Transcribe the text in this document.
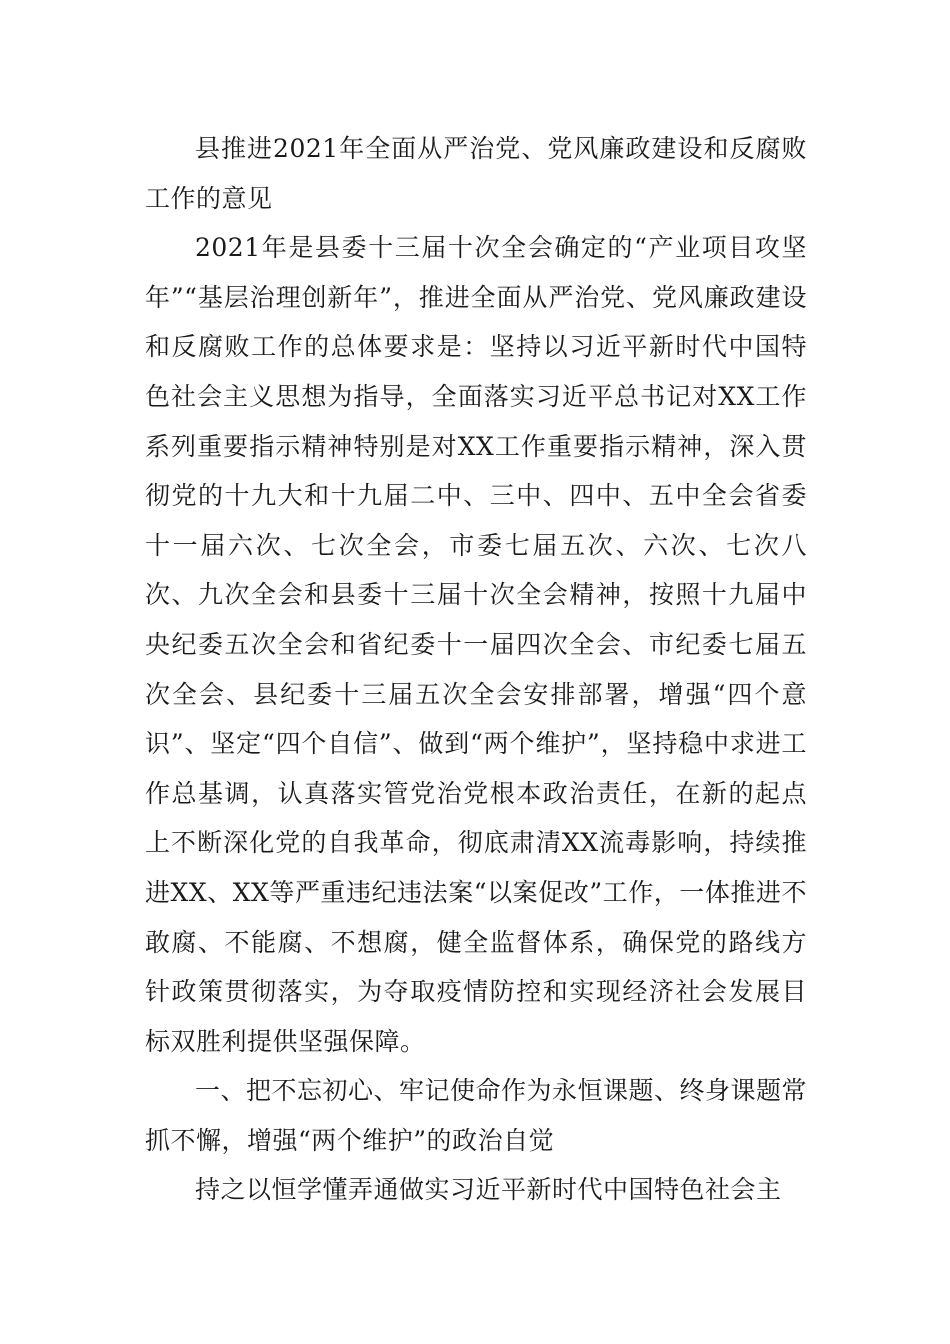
县推进2021年全面从严治党、党风廉政建设和反腐败工作的意见

2021年是县委十三届十次全会确定的“产业项目攻坚年”“基层治理创新年”，推进全面从严治党、党风廉政建设和反腐败工作的总体要求是：坚持以习近平新时代中国特色社会主义思想为指导，全面落实习近平总书记对XX工作系列重要指示精神特别是对XX工作重要指示精神，深入贯彻党的十九大和十九届二中、三中、四中、五中全会省委十一届六次、七次全会，市委七届五次、六次、七次八次、九次全会和县委十三届十次全会精神，按照十九届中央纪委五次全会和省纪委十一届四次全会、市纪委七届五次全会、县纪委十三届五次全会安排部署，增强“四个意识”、坚定“四个自信”、做到“两个维护”，坚持稳中求进工作总基调，认真落实管党治党根本政治责任，在新的起点上不断深化党的自我革命，彻底肃清XX流毒影响，持续推进XX、XX等严重违纪违法案“以案促改”工作，一体推进不敢腐、不能腐、不想腐，健全监督体系，确保党的路线方针政策贯彻落实，为夺取疫情防控和实现经济社会发展目标双胜利提供坚强保障。

一、把不忘初心、牢记使命作为永恒课题、终身课题常抓不懈，增强“两个维护”的政治自觉

持之以恒学懂弄通做实习近平新时代中国特色社会主
